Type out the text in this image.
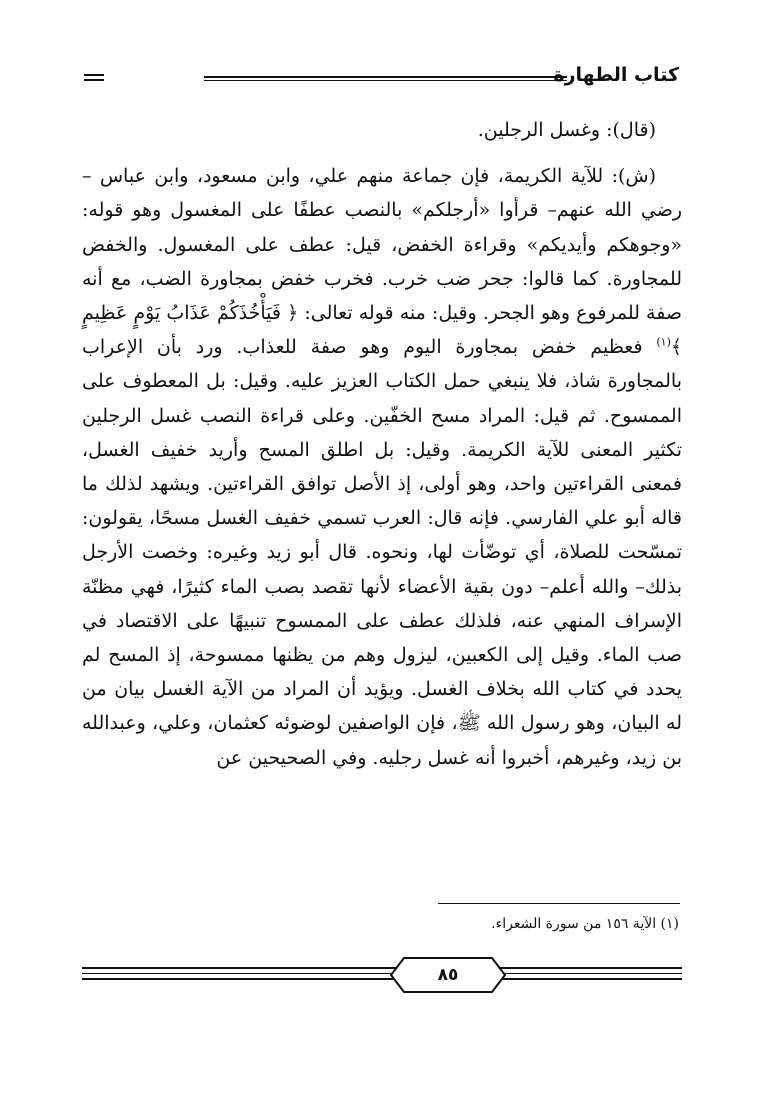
كتاب الطهارة

(قال): وغسل الرجلين.

(ش): للآية الكريمة، فإن جماعة منهم علي، وابن مسعود، وابن عباس – رضي الله عنهم– قرأوا «أرجلكم» بالنصب عطفًا على المغسول وهو قوله: «وجوهكم وأيديكم» وقراءة الخفض، قيل: عطف على المغسول. والخفض للمجاورة. كما قالوا: جحر ضب خرب. فخرب خفض بمجاورة الضب، مع أنه صفة للمرفوع وهو الجحر. وقيل: منه قوله تعالى: ﴿ فَيَأْخُذَكُمْ عَذَابُ يَوْمٍ عَظِيمٍ ﴾$^{(١)}$ فعظيم خفض بمجاورة اليوم وهو صفة للعذاب. ورد بأن الإعراب بالمجاورة شاذ، فلا ينبغي حمل الكتاب العزيز عليه. وقيل: بل المعطوف على الممسوح. ثم قيل: المراد مسح الخفّين. وعلى قراءة النصب غسل الرجلين تكثير المعنى للآية الكريمة. وقيل: بل اطلق المسح وأريد خفيف الغسل، فمعنى القراءتين واحد، وهو أولى، إذ الأصل توافق القراءتين. ويشهد لذلك ما قاله أبو علي الفارسي. فإنه قال: العرب تسمي خفيف الغسل مسحًا، يقولون: تمسّحت للصلاة، أي توضّأت لها، ونحوه. قال أبو زيد وغيره: وخصت الأرجل بذلك– والله أعلم– دون بقية الأعضاء لأنها تقصد بصب الماء كثيرًا، فهي مظنّة الإسراف المنهي عنه، فلذلك عطف على الممسوح تنبيهًا على الاقتصاد في صب الماء. وقيل إلى الكعبين، ليزول وهم من يظنها ممسوحة، إذ المسح لم يحدد في كتاب الله بخلاف الغسل. ويؤيد أن المراد من الآية الغسل بيان من له البيان، وهو رسول الله ﷺ، فإن الواصفين لوضوئه كعثمان، وعلي، وعبدالله بن زيد، وغيرهم، أخبروا أنه غسل رجليه. وفي الصحيحين عن

(١) الآية ١٥٦ من سورة الشعراء.
٨٥
